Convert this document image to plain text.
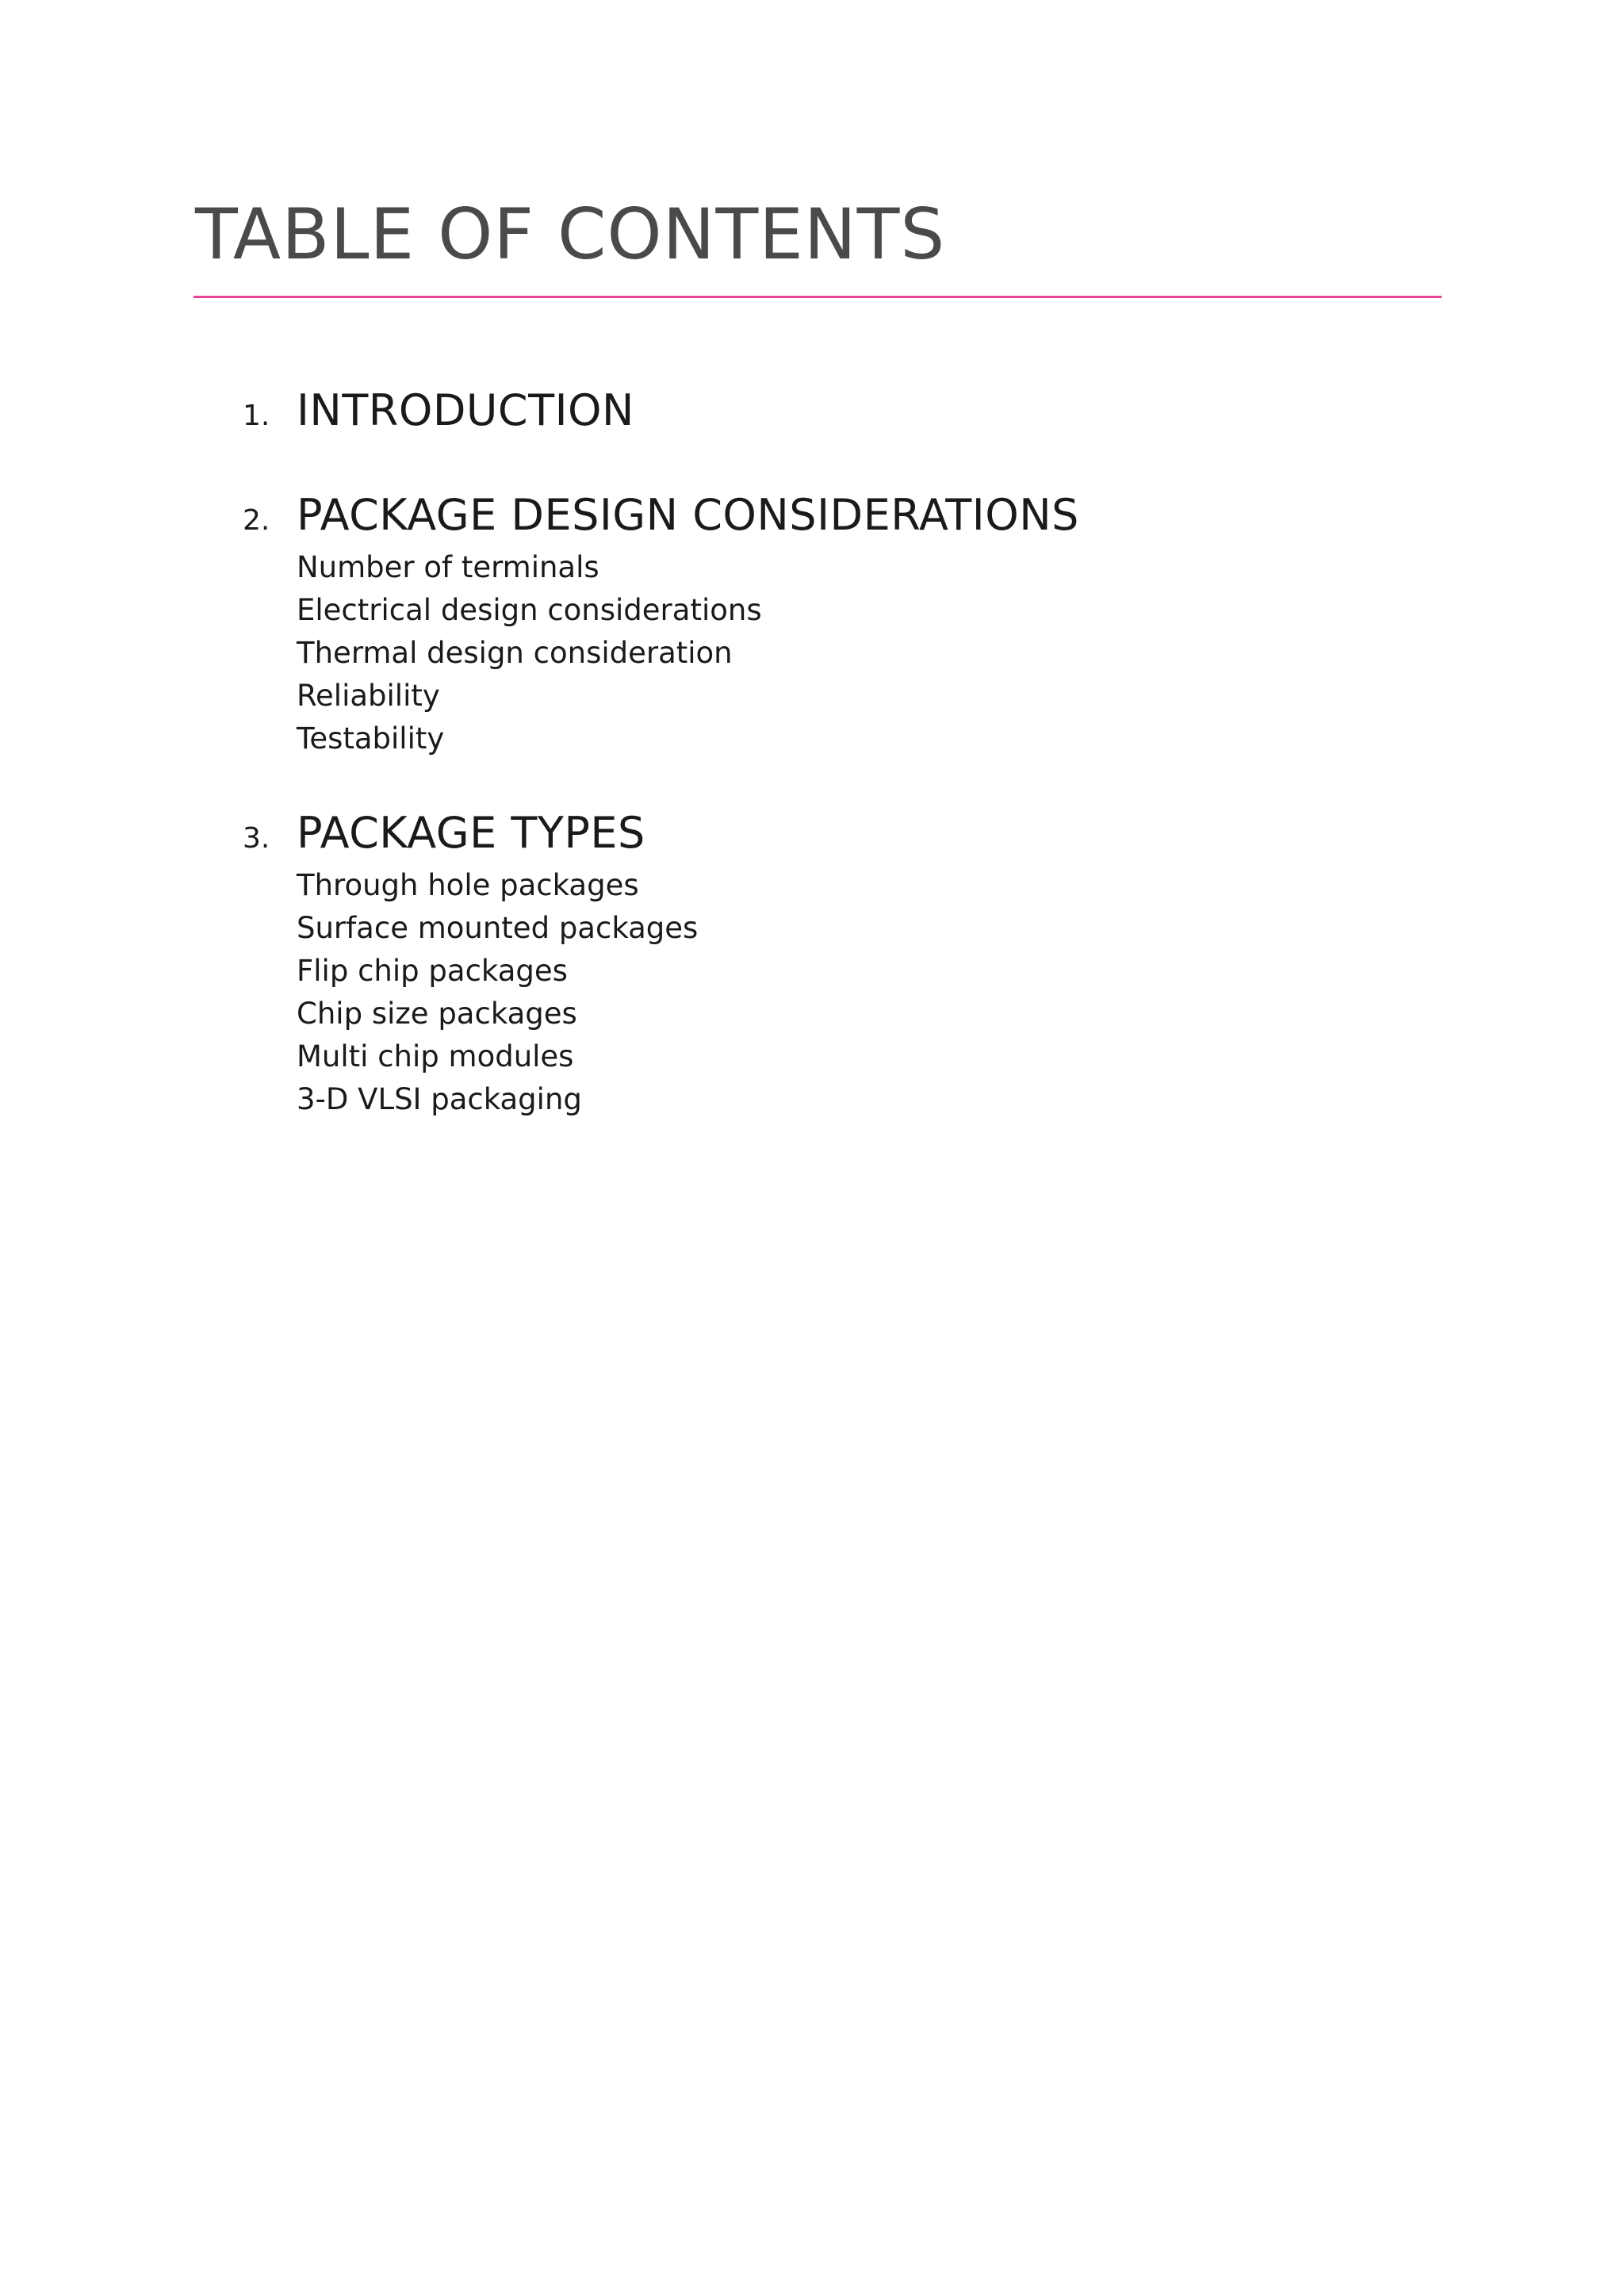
TABLE OF CONTENTS
1. INTRODUCTION
2. PACKAGE DESIGN CONSIDERATIONS
Number of terminals
Electrical design considerations
Thermal design consideration
Reliability
Testability
3. PACKAGE TYPES
Through hole packages
Surface mounted packages
Flip chip packages
Chip size packages
Multi chip modules
3-D VLSI packaging
